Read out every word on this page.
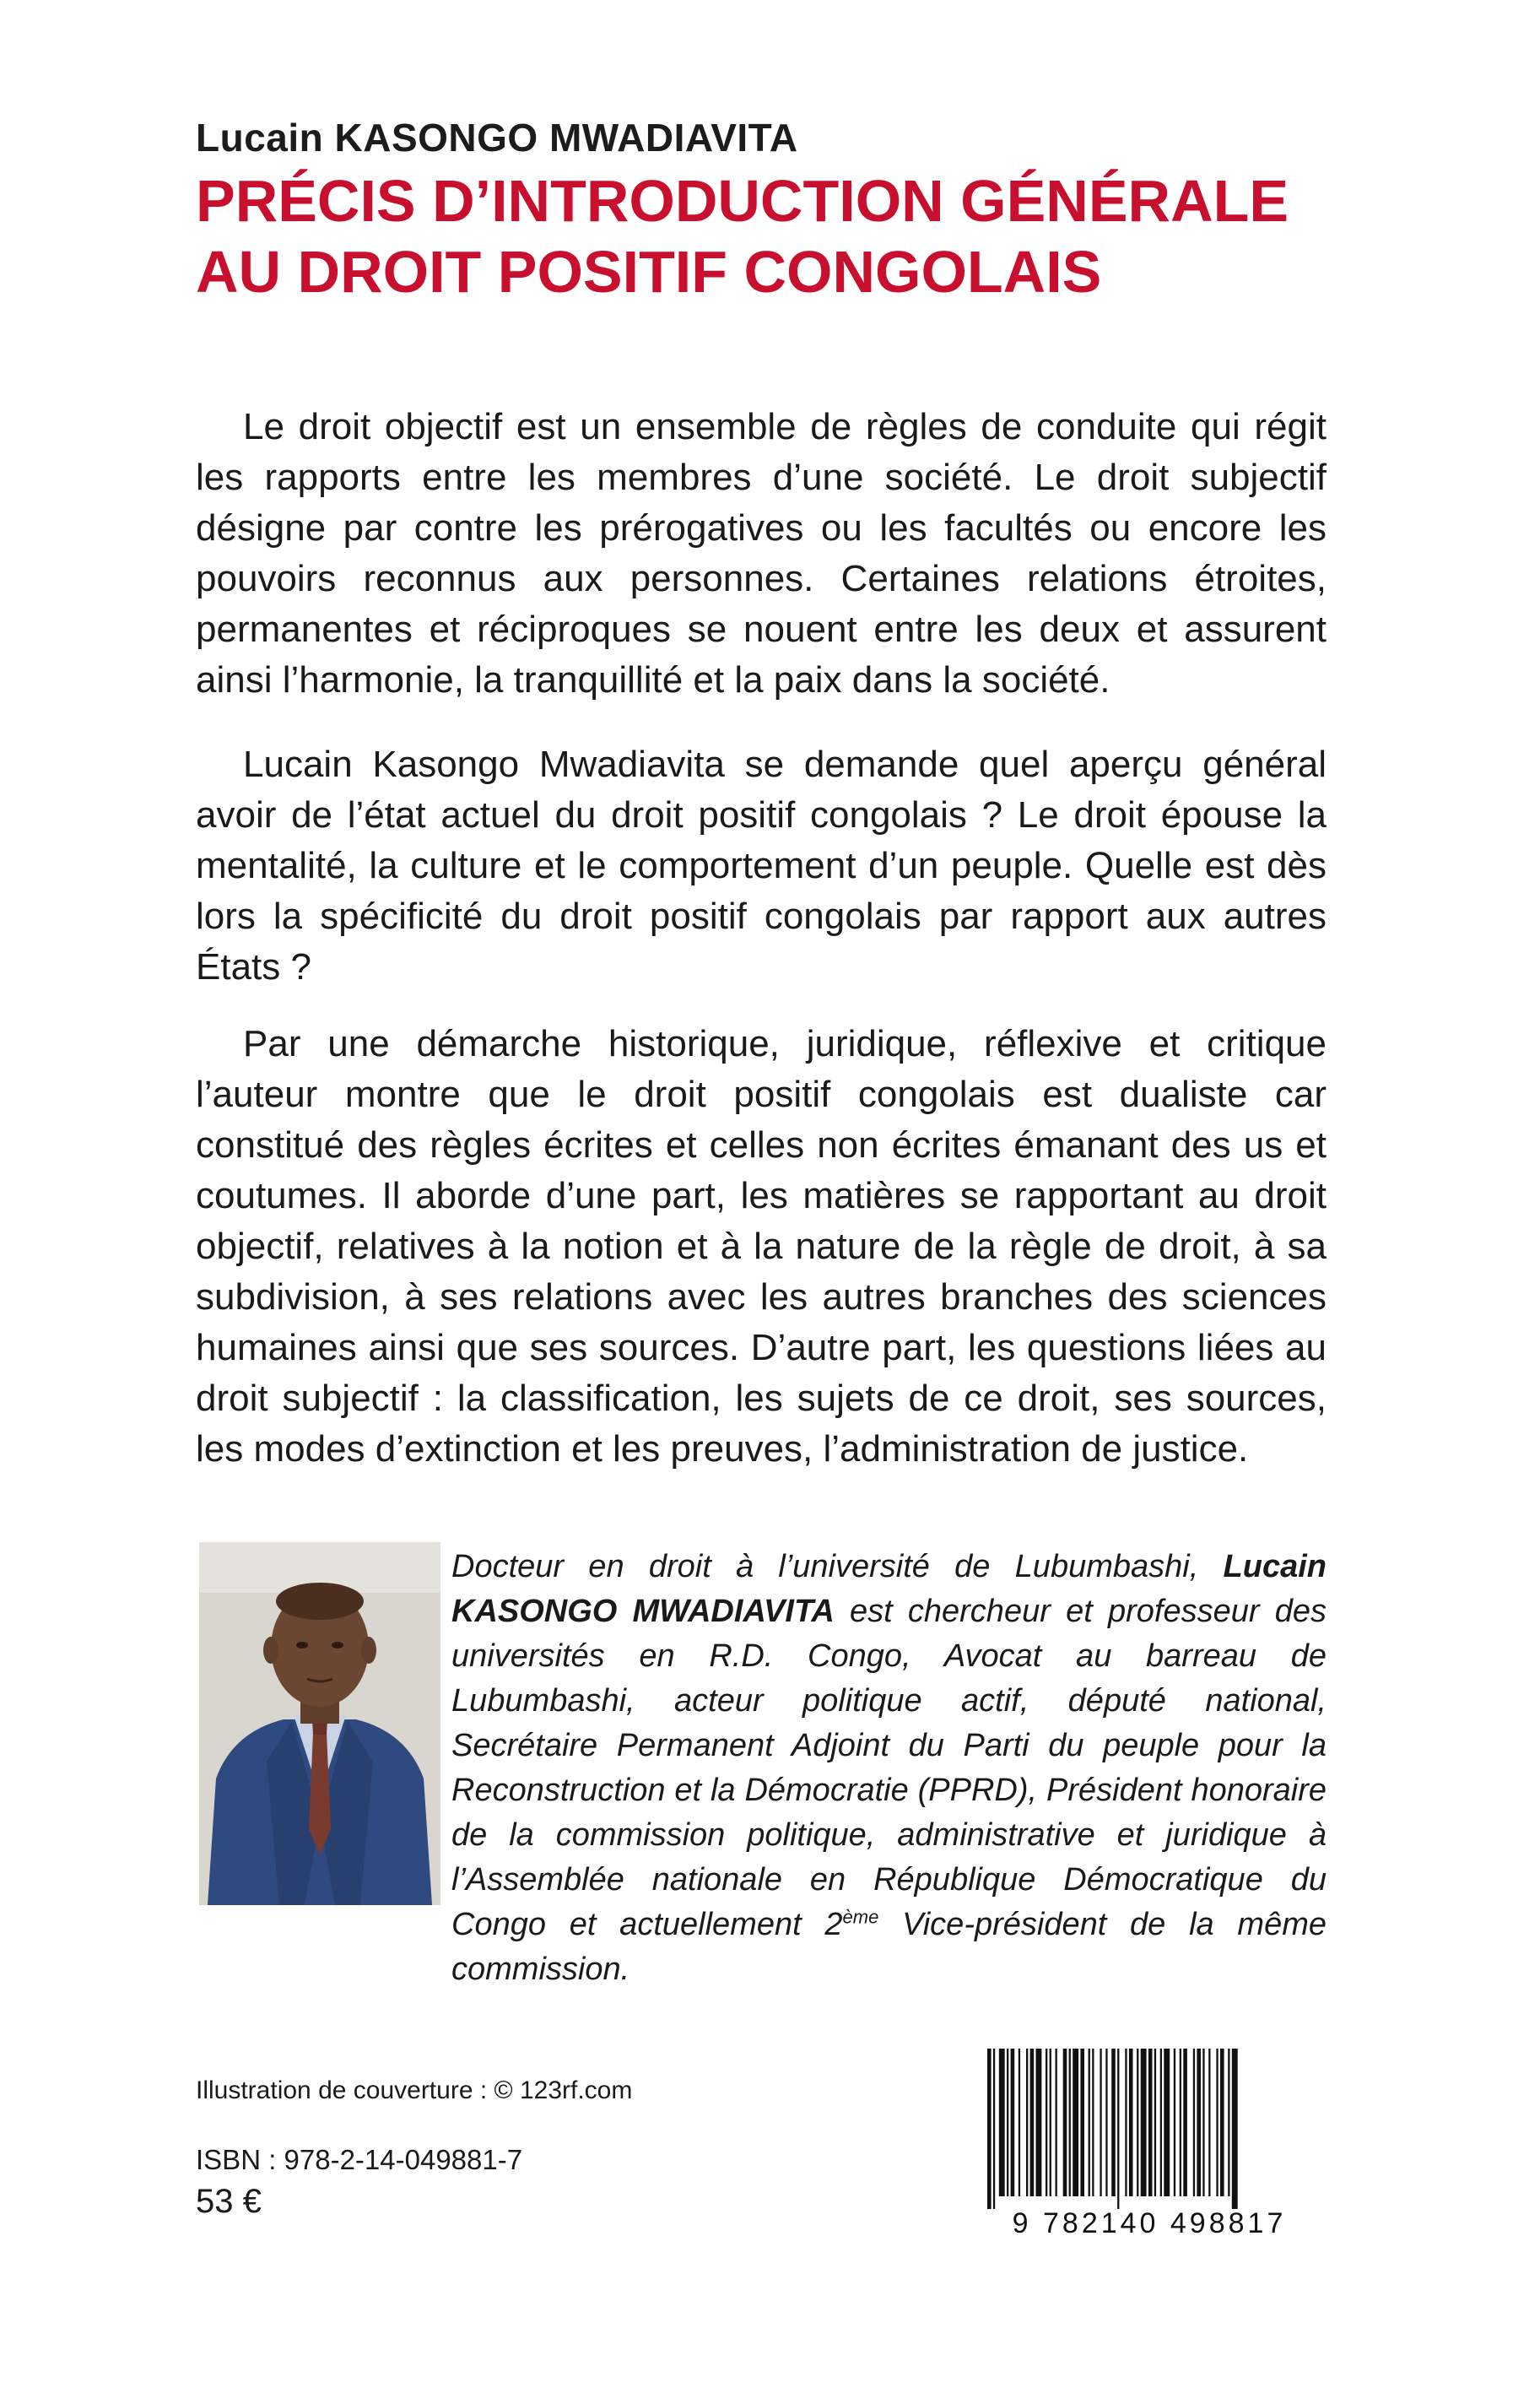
Lucain KASONGO MWADIAVITA
PRÉCIS D’INTRODUCTION GÉNÉRALE
AU DROIT POSITIF CONGOLAIS

Le droit objectif est un ensemble de règles de conduite qui régit les rapports entre les membres d’une société. Le droit subjectif désigne par contre les prérogatives ou les facultés ou encore les pouvoirs reconnus aux personnes. Certaines relations étroites, permanentes et réciproques se nouent entre les deux et assurent ainsi l’harmonie, la tranquillité et la paix dans la société.

Lucain Kasongo Mwadiavita se demande quel aperçu général avoir de l’état actuel du droit positif congolais ? Le droit épouse la mentalité, la culture et le comportement d’un peuple. Quelle est dès lors la spécificité du droit positif congolais par rapport aux autres États ?

Par une démarche historique, juridique, réflexive et critique l’auteur montre que le droit positif congolais est dualiste car constitué des règles écrites et celles non écrites émanant des us et coutumes. Il aborde d’une part, les matières se rapportant au droit objectif, relatives à la notion et à la nature de la règle de droit, à sa subdivision, à ses relations avec les autres branches des sciences humaines ainsi que ses sources. D’autre part, les questions liées au droit subjectif : la classification, les sujets de ce droit, ses sources, les modes d’extinction et les preuves, l’administration de justice.

Docteur en droit à l’université de Lubumbashi, Lucain KASONGO MWADIAVITA est chercheur et professeur des universités en R.D. Congo, Avocat au barreau de Lubumbashi, acteur politique actif, député national, Secrétaire Permanent Adjoint du Parti du peuple pour la Reconstruction et la Démocratie (PPRD), Président honoraire de la commission politique, administrative et juridique à l’Assemblée nationale en République Démocratique du Congo et actuellement 2ème Vice-président de la même commission.

Illustration de couverture : © 123rf.com
ISBN : 978-2-14-049881-7
53 €
9 782140 498817
